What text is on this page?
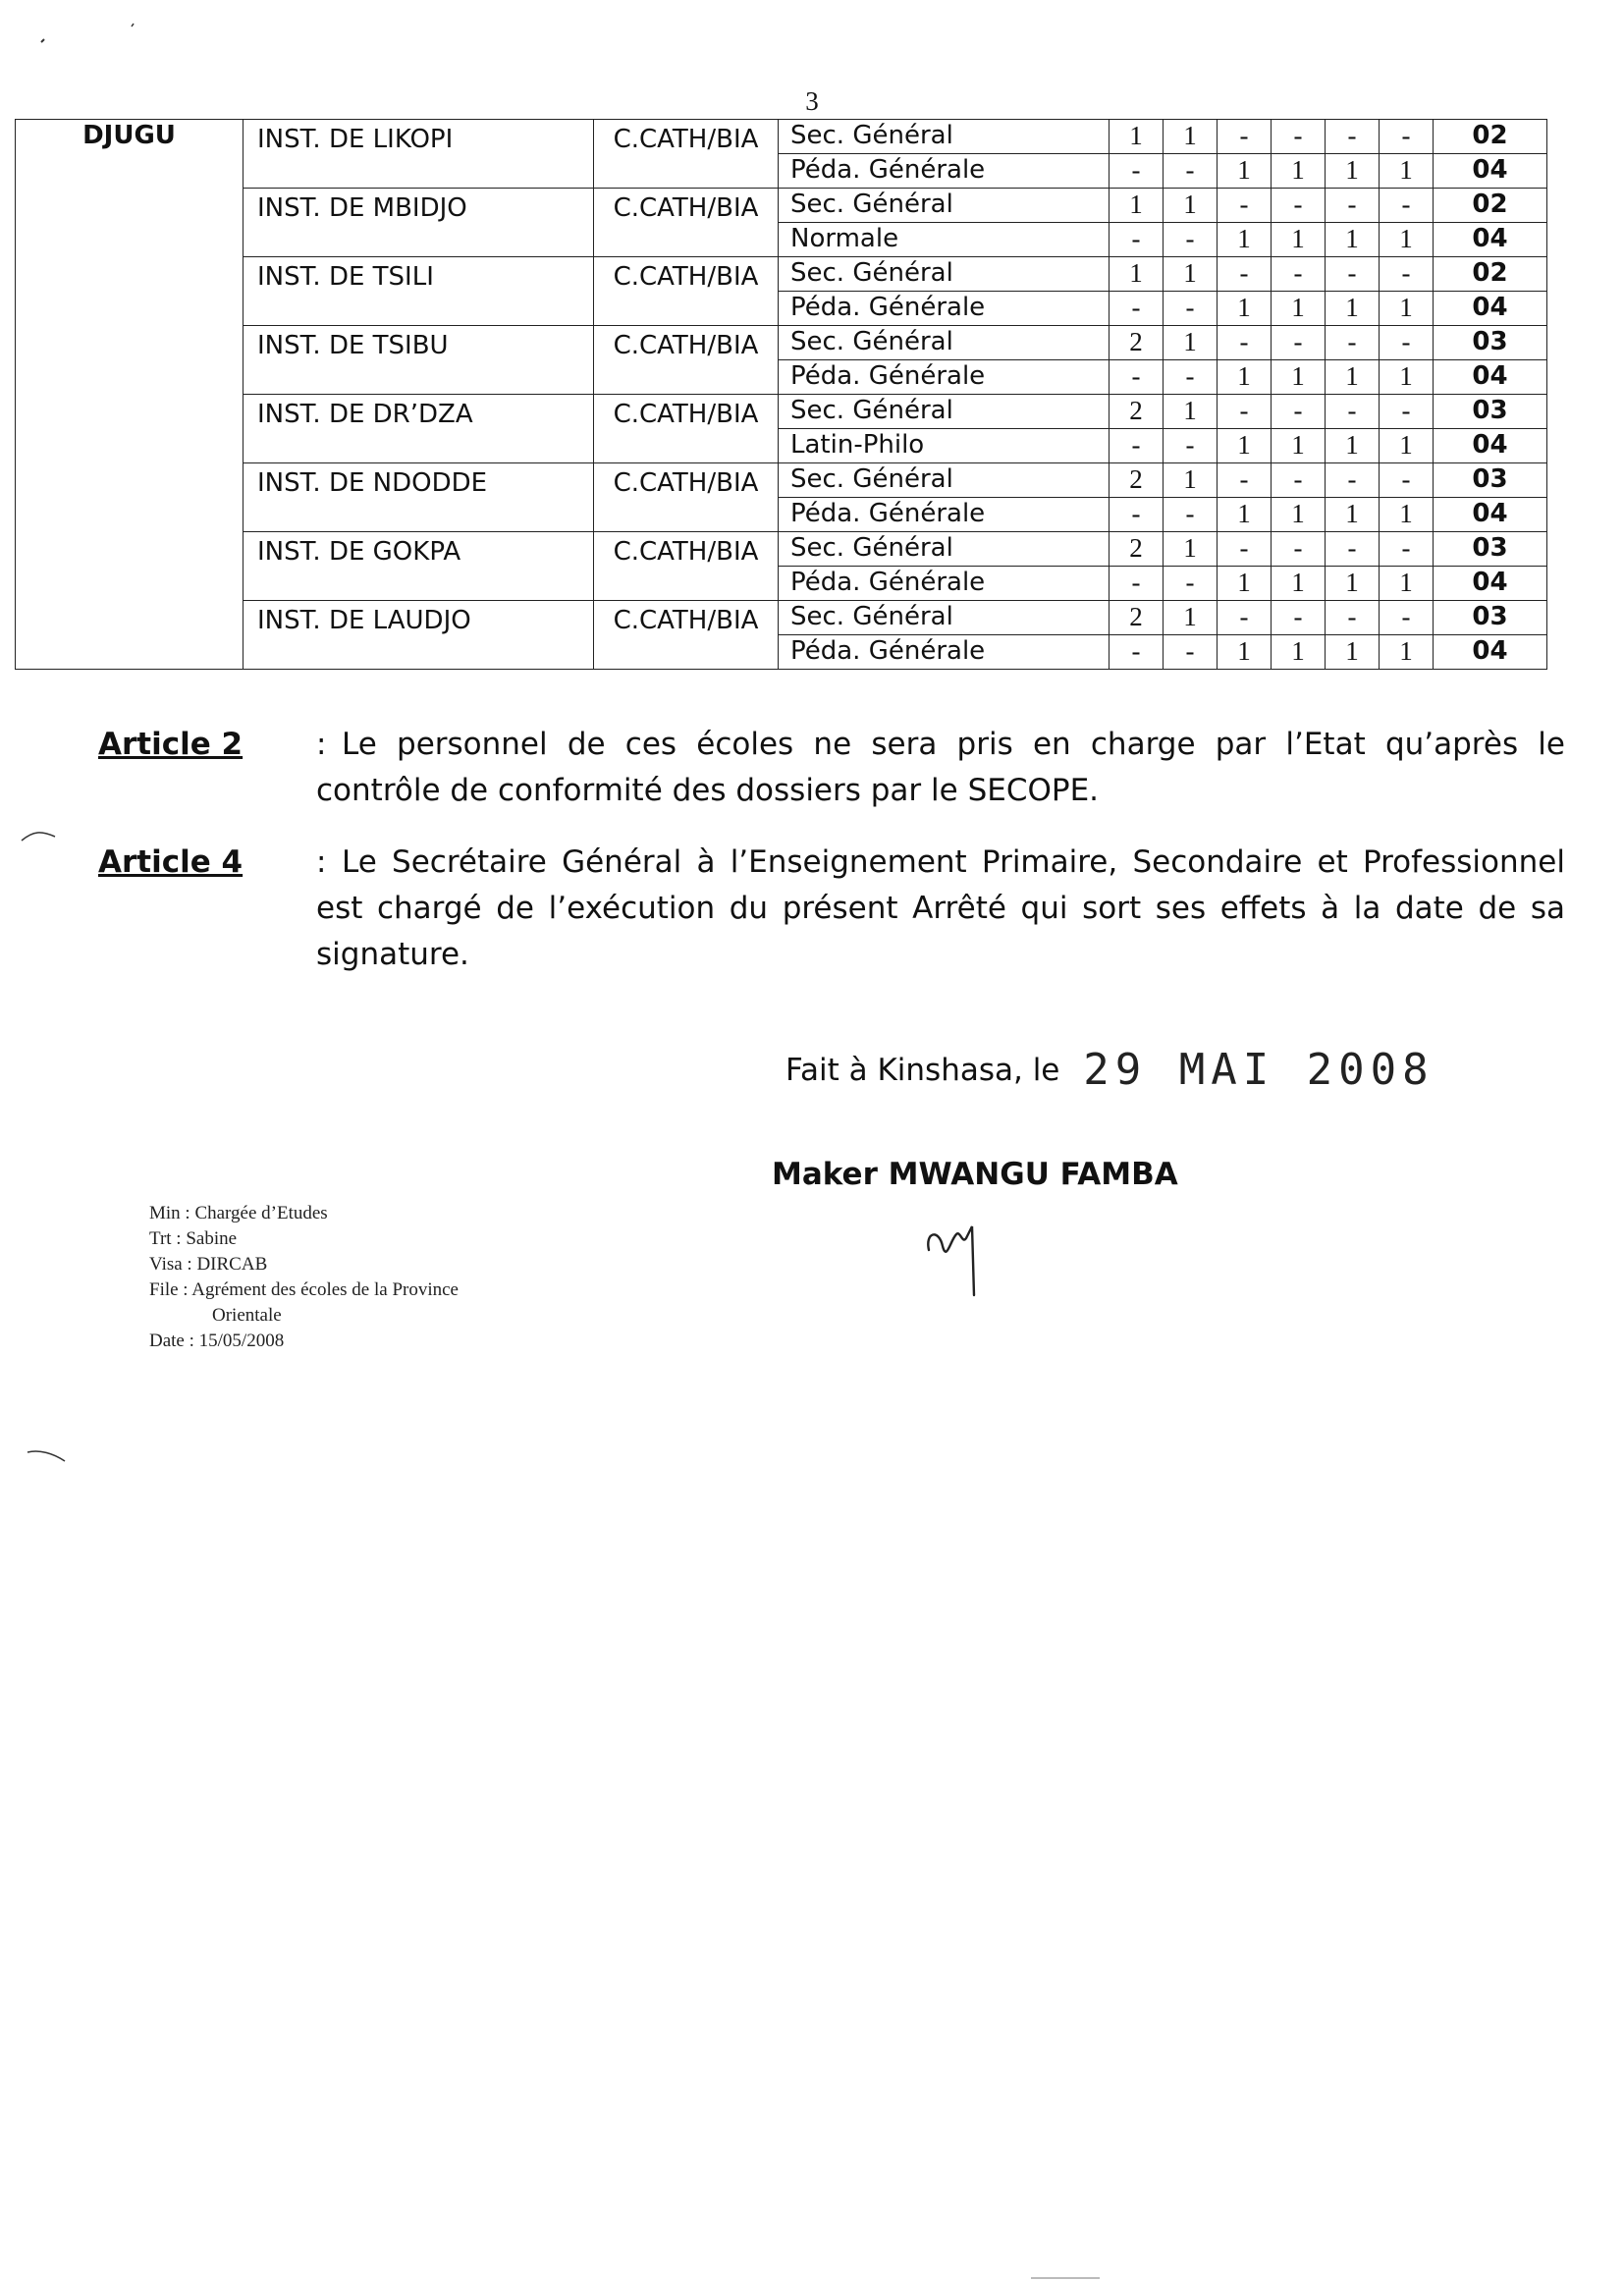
3
DJUGU	INST. DE LIKOPI	C.CATH/BIA	Sec. Général	1	1	-	-	-	-	02
			Péda. Générale	-	-	1	1	1	1	04
	INST. DE MBIDJO	C.CATH/BIA	Sec. Général	1	1	-	-	-	-	02
			Normale	-	-	1	1	1	1	04
	INST. DE TSILI	C.CATH/BIA	Sec. Général	1	1	-	-	-	-	02
			Péda. Générale	-	-	1	1	1	1	04
	INST. DE TSIBU	C.CATH/BIA	Sec. Général	2	1	-	-	-	-	03
			Péda. Générale	-	-	1	1	1	1	04
	INST. DE DR’DZA	C.CATH/BIA	Sec. Général	2	1	-	-	-	-	03
			Latin-Philo	-	-	1	1	1	1	04
	INST. DE NDODDE	C.CATH/BIA	Sec. Général	2	1	-	-	-	-	03
			Péda. Générale	-	-	1	1	1	1	04
	INST. DE GOKPA	C.CATH/BIA	Sec. Général	2	1	-	-	-	-	03
			Péda. Générale	-	-	1	1	1	1	04
	INST. DE LAUDJO	C.CATH/BIA	Sec. Général	2	1	-	-	-	-	03
			Péda. Générale	-	-	1	1	1	1	04
Article 2 : Le personnel de ces écoles ne sera pris en charge par l’Etat qu’après le contrôle de conformité des dossiers par le SECOPE.
Article 4 : Le Secrétaire Général à l’Enseignement Primaire, Secondaire et Professionnel est chargé de l’exécution du présent Arrêté qui sort ses effets à la date de sa signature.
Fait à Kinshasa, le 29 MAI 2008
Maker MWANGU FAMBA
Min : Chargée d’Etudes
Trt : Sabine
Visa : DIRCAB
File : Agrément des écoles de la Province
Orientale
Date : 15/05/2008
